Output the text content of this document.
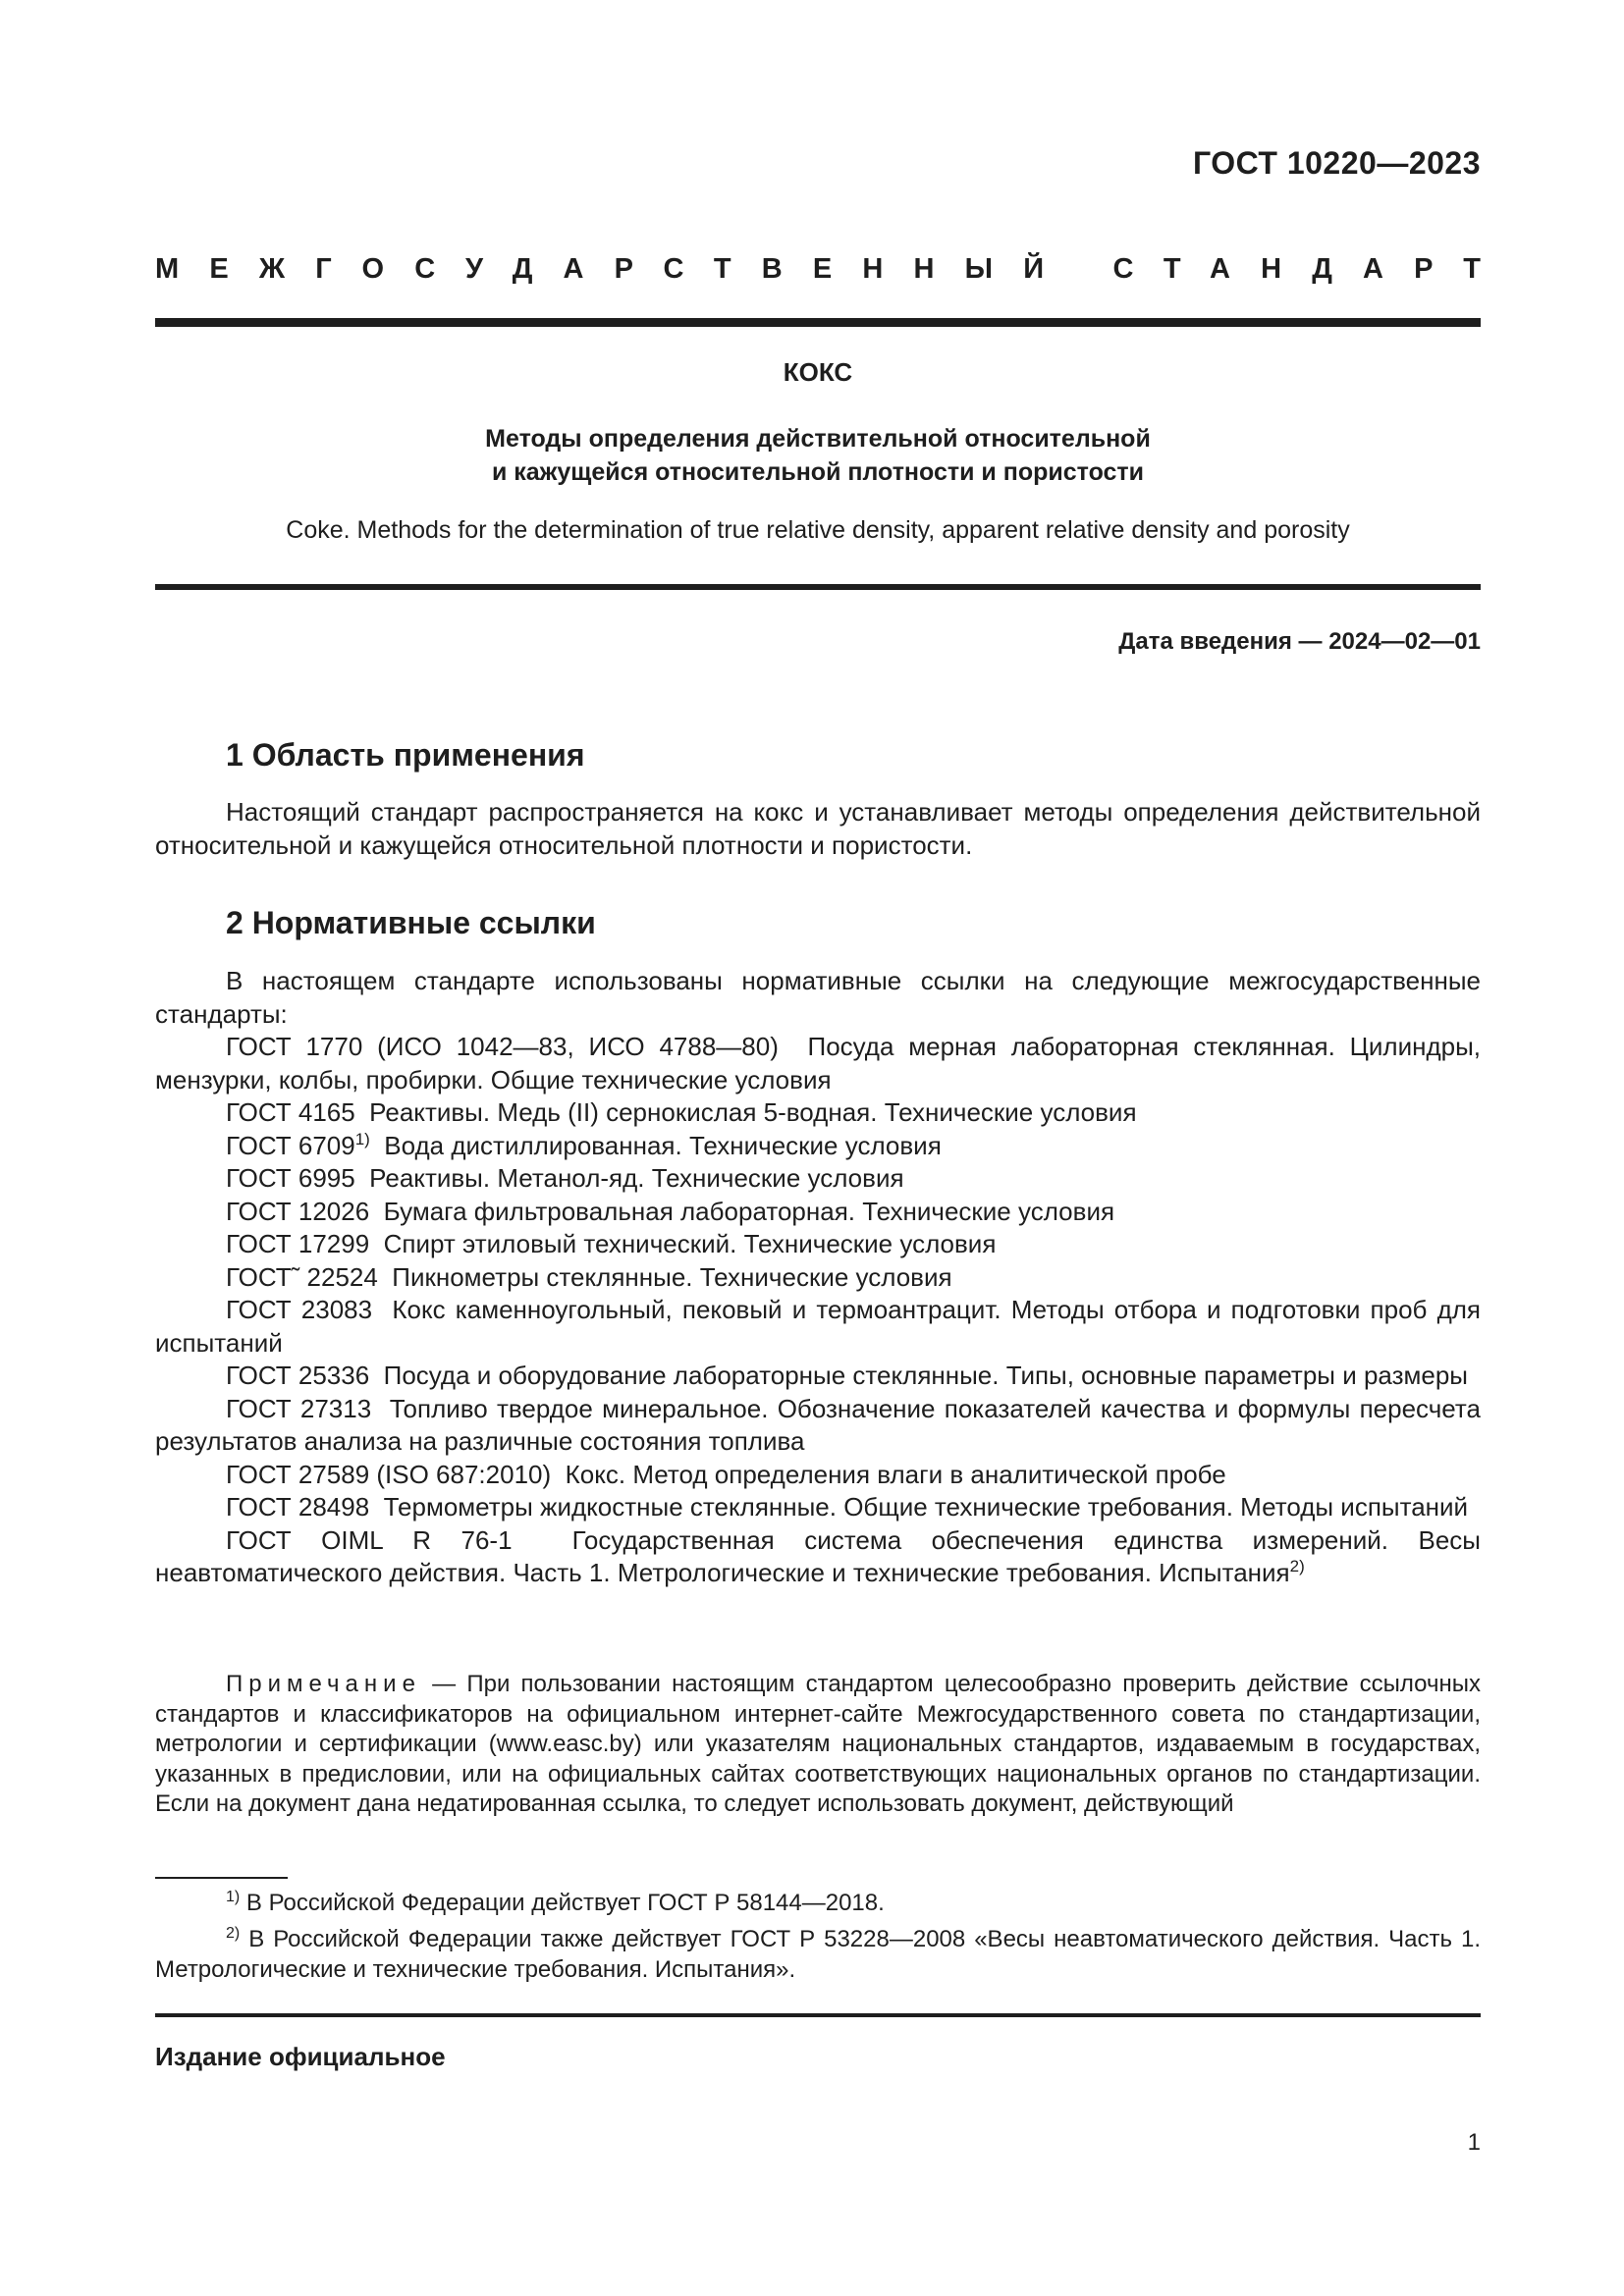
ГОСТ 10220—2023
МЕЖГОСУДАРСТВЕННЫЙ СТАНДАРТ
КОКС
Методы определения действительной относительной
и кажущейся относительной плотности и пористости
Coke. Methods for the determination of true relative density, apparent relative density and porosity
Дата введения — 2024—02—01
1 Область применения
Настоящий стандарт распространяется на кокс и устанавливает методы определения действительной относительной и кажущейся относительной плотности и пористости.
2 Нормативные ссылки
В настоящем стандарте использованы нормативные ссылки на следующие межгосударственные стандарты:
ГОСТ 1770 (ИСО 1042—83, ИСО 4788—80) Посуда мерная лабораторная стеклянная. Цилиндры, мензурки, колбы, пробирки. Общие технические условия
ГОСТ 4165 Реактивы. Медь (II) сернокислая 5-водная. Технические условия
ГОСТ 6709$^{1)}$ Вода дистиллированная. Технические условия
ГОСТ 6995 Реактивы. Метанол-яд. Технические условия
ГОСТ 12026 Бумага фильтровальная лабораторная. Технические условия
ГОСТ 17299 Спирт этиловый технический. Технические условия
ГОСТ˜ 22524 Пикнометры стеклянные. Технические условия
ГОСТ 23083 Кокс каменноугольный, пековый и термоантрацит. Методы отбора и подготовки проб для испытаний
ГОСТ 25336 Посуда и оборудование лабораторные стеклянные. Типы, основные параметры и размеры
ГОСТ 27313 Топливо твердое минеральное. Обозначение показателей качества и формулы пересчета результатов анализа на различные состояния топлива
ГОСТ 27589 (ISO 687:2010) Кокс. Метод определения влаги в аналитической пробе
ГОСТ 28498 Термометры жидкостные стеклянные. Общие технические требования. Методы испытаний
ГОСТ OIML R 76-1 Государственная система обеспечения единства измерений. Весы неавтоматического действия. Часть 1. Метрологические и технические требования. Испытания$^{2)}$
Примечание — При пользовании настоящим стандартом целесообразно проверить действие ссылочных стандартов и классификаторов на официальном интернет-сайте Межгосударственного совета по стандартизации, метрологии и сертификации (www.easc.by) или указателям национальных стандартов, издаваемым в государствах, указанных в предисловии, или на официальных сайтах соответствующих национальных органов по стандартизации. Если на документ дана недатированная ссылка, то следует использовать документ, действующий
$^{1)}$ В Российской Федерации действует ГОСТ Р 58144—2018.
$^{2)}$ В Российской Федерации также действует ГОСТ Р 53228—2008 «Весы неавтоматического действия. Часть 1. Метрологические и технические требования. Испытания».
Издание официальное
1
